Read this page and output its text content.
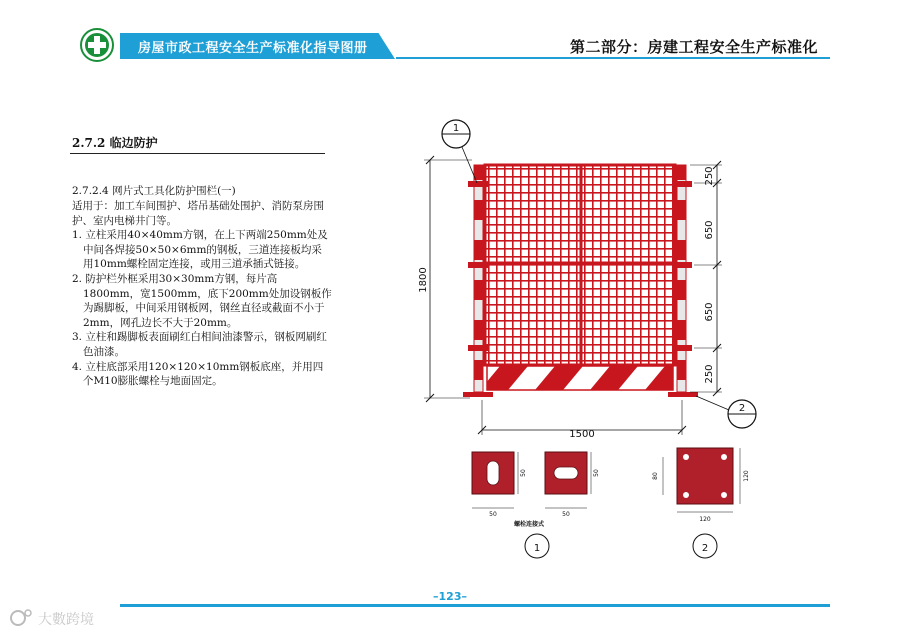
房屋市政工程安全生产标准化指导图册	第二部分：房建工程安全生产标准化
2.7.2 临边防护
2.7.2.4 网片式工具化防护围栏(一)

适用于：加工车间围护、塔吊基础处围护、消防泵房围护、室内电梯井门等。

1. 立柱采用40×40mm方钢，在上下两端250mm处及中间各焊接50×50×6mm的钢板，三道连接板均采用10mm螺栓固定连接，或用三道承插式链接。

2. 防护栏外框采用30×30mm方钢，每片高1800mm，宽1500mm，底下200mm处加设钢板作为踢脚板，中间采用钢板网，钢丝直径或截面不小于2mm，网孔边长不大于20mm。

3. 立柱和踢脚板表面刷红白相间油漆警示，钢板网刷红色油漆。

4. 立柱底部采用120×120×10mm钢板底座，并用四个M10膨胀螺栓与地面固定。

1
2
1800
250
650
650
250
1500
50
50
50
50
螺栓连接式
1
120
80
120
2
–123–
大數跨境
